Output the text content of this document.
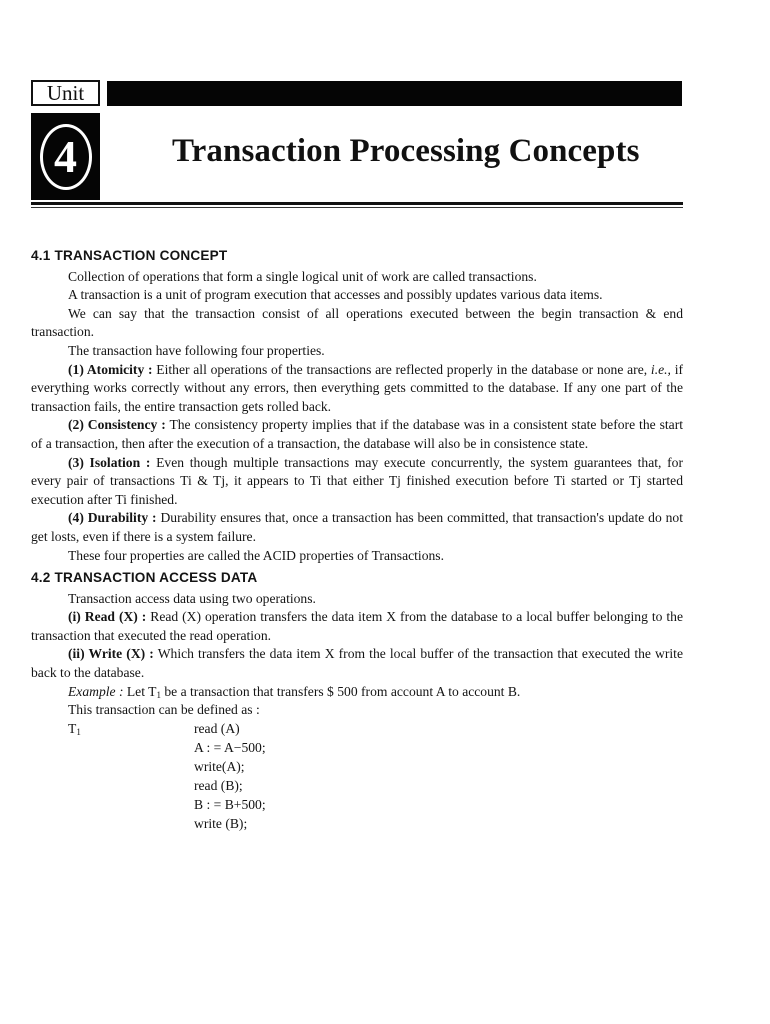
Unit
4	Transaction Processing Concepts

4.1 TRANSACTION CONCEPT

Collection of operations that form a single logical unit of work are called transactions.

A transaction is a unit of program execution that accesses and possibly updates various data items.

We can say that the transaction consist of all operations executed between the begin transaction & end transaction.

The transaction have following four properties.

(1) Atomicity : Either all operations of the transactions are reflected properly in the database or none are, i.e., if everything works correctly without any errors, then everything gets committed to the database. If any one part of the transaction fails, the entire transaction gets rolled back.

(2) Consistency : The consistency property implies that if the database was in a consistent state before the start of a transaction, then after the execution of a transaction, the database will also be in consistence state.

(3) Isolation : Even though multiple transactions may execute concurrently, the system guarantees that, for every pair of transactions Ti & Tj, it appears to Ti that either Tj finished execution before Ti started or Tj started execution after Ti finished.

(4) Durability : Durability ensures that, once a transaction has been committed, that transaction's update do not get losts, even if there is a system failure.

These four properties are called the ACID properties of Transactions.

4.2 TRANSACTION ACCESS DATA

Transaction access data using two operations.

(i) Read (X) : Read (X) operation transfers the data item X from the database to a local buffer belonging to the transaction that executed the read operation.

(ii) Write (X) : Which transfers the data item X from the local buffer of the transaction that executed the write back to the database.

Example : Let $T_1$ be a transaction that transfers $ 500 from account A to account B.

This transaction can be defined as :

$T_1$	read (A)
A : = A−500;
write(A);
read (B);
B : = B+500;
write (B);
